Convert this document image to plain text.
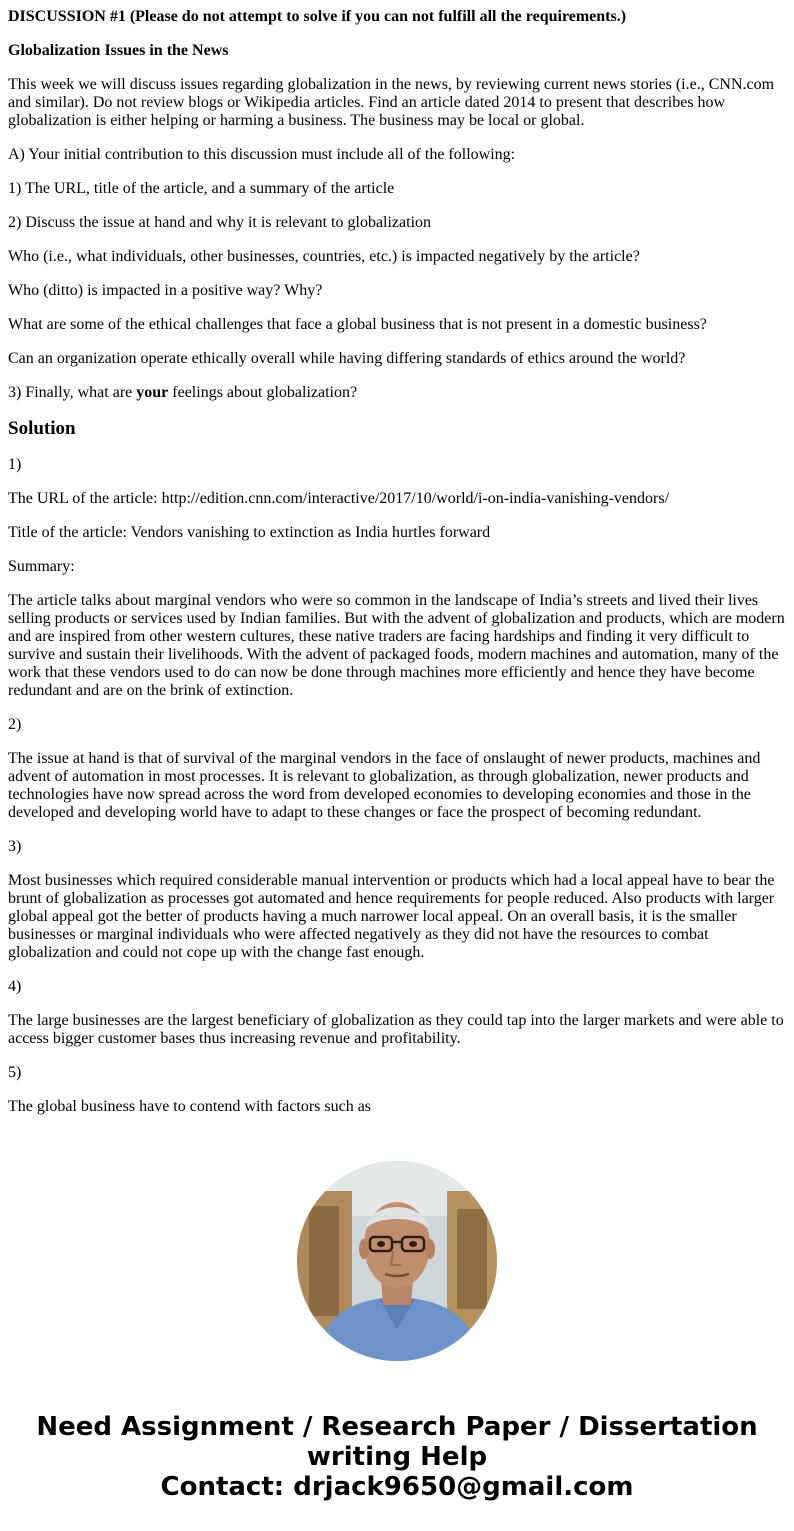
DISCUSSION #1 (Please do not attempt to solve if you can not fulfill all the requirements.)

Globalization Issues in the News

This week we will discuss issues regarding globalization in the news, by reviewing current news stories (i.e., CNN.com and similar). Do not review blogs or Wikipedia articles. Find an article dated 2014 to present that describes how globalization is either helping or harming a business. The business may be local or global.

A) Your initial contribution to this discussion must include all of the following:

1) The URL, title of the article, and a summary of the article

2) Discuss the issue at hand and why it is relevant to globalization

Who (i.e., what individuals, other businesses, countries, etc.) is impacted negatively by the article?

Who (ditto) is impacted in a positive way? Why?

What are some of the ethical challenges that face a global business that is not present in a domestic business?

Can an organization operate ethically overall while having differing standards of ethics around the world?

3) Finally, what are your feelings about globalization?

Solution

1)

The URL of the article: http://edition.cnn.com/interactive/2017/10/world/i-on-india-vanishing-vendors/

Title of the article: Vendors vanishing to extinction as India hurtles forward

Summary:

The article talks about marginal vendors who were so common in the landscape of India’s streets and lived their lives selling products or services used by Indian families. But with the advent of globalization and products, which are modern and are inspired from other western cultures, these native traders are facing hardships and finding it very difficult to survive and sustain their livelihoods. With the advent of packaged foods, modern machines and automation, many of the work that these vendors used to do can now be done through machines more efficiently and hence they have become redundant and are on the brink of extinction.

2)

The issue at hand is that of survival of the marginal vendors in the face of onslaught of newer products, machines and advent of automation in most processes. It is relevant to globalization, as through globalization, newer products and technologies have now spread across the word from developed economies to developing economies and those in the developed and developing world have to adapt to these changes or face the prospect of becoming redundant.

3)

Most businesses which required considerable manual intervention or products which had a local appeal have to bear the brunt of globalization as processes got automated and hence requirements for people reduced. Also products with larger global appeal got the better of products having a much narrower local appeal. On an overall basis, it is the smaller businesses or marginal individuals who were affected negatively as they did not have the resources to combat globalization and could not cope up with the change fast enough.

4)

The large businesses are the largest beneficiary of globalization as they could tap into the larger markets and were able to access bigger customer bases thus increasing revenue and profitability.

5)

The global business have to contend with factors such as

Need Assignment / Research Paper / Dissertation
writing Help
Contact: drjack9650@gmail.com
